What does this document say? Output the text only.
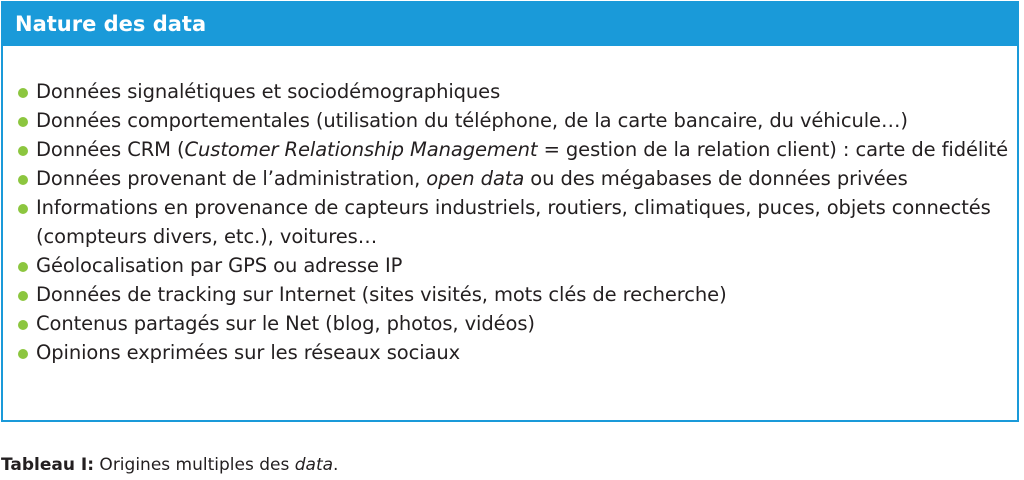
Nature des data
Données signalétiques et sociodémographiques
Données comportementales (utilisation du téléphone, de la carte bancaire, du véhicule…)
Données CRM (Customer Relationship Management = gestion de la relation client) : carte de fidélité
Données provenant de l’administration, open data ou des mégabases de données privées
Informations en provenance de capteurs industriels, routiers, climatiques, puces, objets connectés (compteurs divers, etc.), voitures…
Géolocalisation par GPS ou adresse IP
Données de tracking sur Internet (sites visités, mots clés de recherche)
Contenus partagés sur le Net (blog, photos, vidéos)
Opinions exprimées sur les réseaux sociaux
Tableau I: Origines multiples des data.
